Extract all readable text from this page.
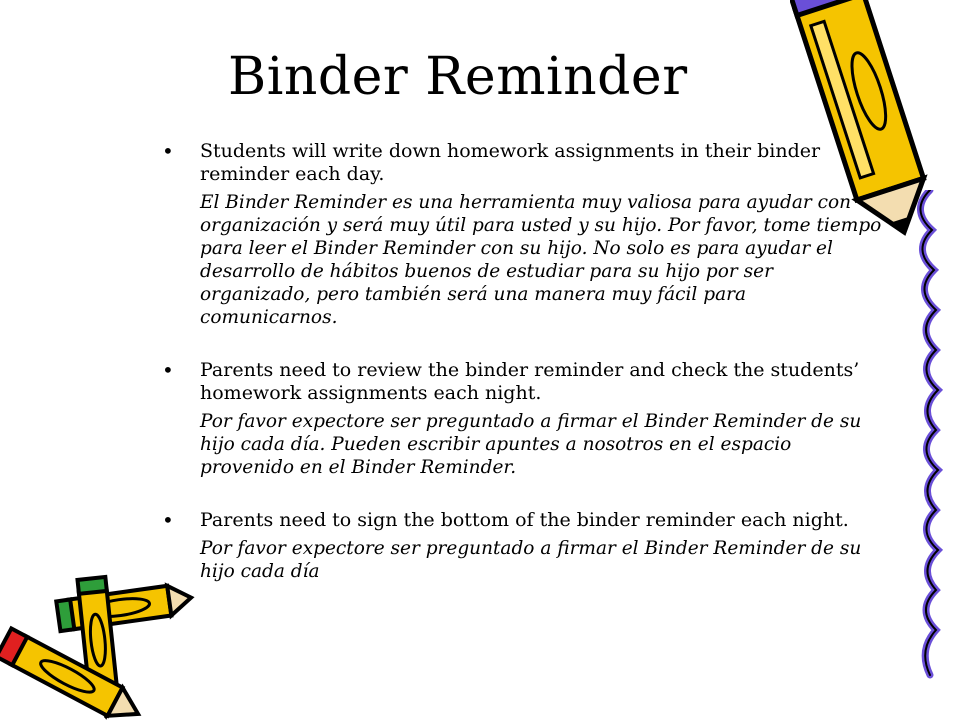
Binder Reminder
• Students will write down homework assignments in their binder reminder each day.

El Binder Reminder es una herramienta muy valiosa para ayudar con organización y será muy útil para usted y su hijo. Por favor, tome tiempo para leer el Binder Reminder con su hijo. No solo es para ayudar el desarrollo de hábitos buenos de estudiar para su hijo por ser organizado, pero también será una manera muy fácil para comunicarnos.

• Parents need to review the binder reminder and check the students’ homework assignments each night.

Por favor expectore ser preguntado a firmar el Binder Reminder de su hijo cada día. Pueden escribir apuntes a nosotros en el espacio provenido en el Binder Reminder.

• Parents need to sign the bottom of the binder reminder each night.

Por favor expectore ser preguntado a firmar el Binder Reminder de su hijo cada día
